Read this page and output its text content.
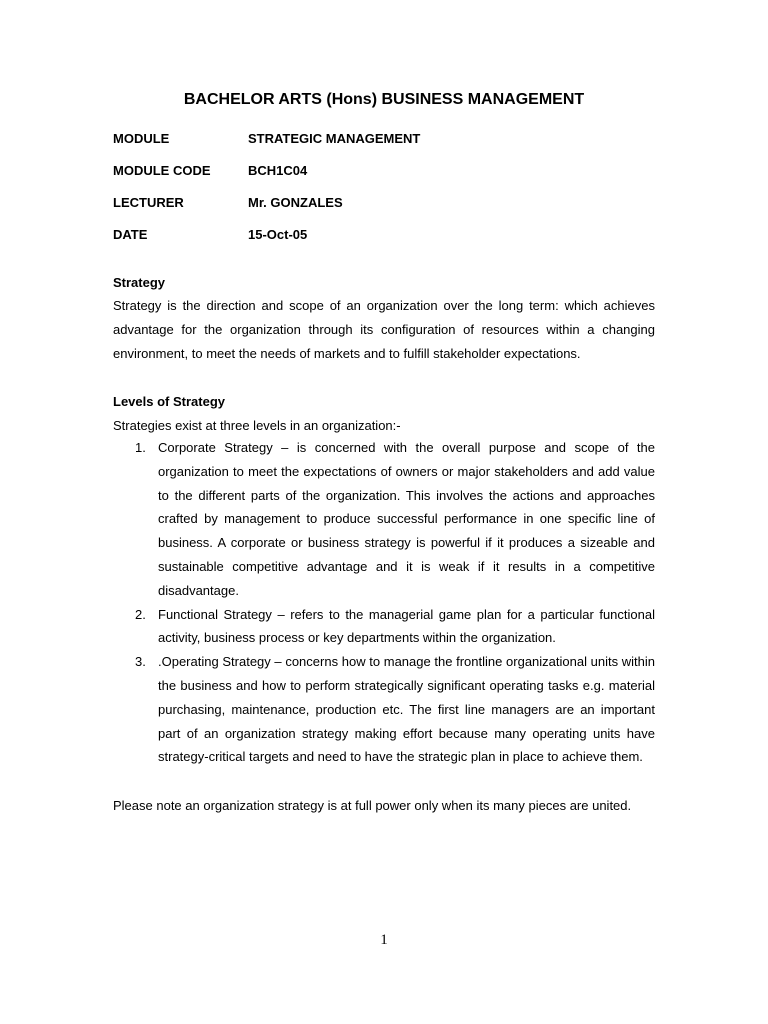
BACHELOR ARTS (Hons) BUSINESS MANAGEMENT
MODULE	STRATEGIC MANAGEMENT
MODULE CODE	BCH1C04
LECTURER	Mr. GONZALES
DATE	15-Oct-05
Strategy
Strategy is the direction and scope of an organization over the long term: which achieves advantage for the organization through its configuration of resources within a changing environment, to meet the needs of markets and to fulfill stakeholder expectations.
Levels of Strategy
Strategies exist at three levels in an organization:-
1. Corporate Strategy – is concerned with the overall purpose and scope of the organization to meet the expectations of owners or major stakeholders and add value to the different parts of the organization. This involves the actions and approaches crafted by management to produce successful performance in one specific line of business. A corporate or business strategy is powerful if it produces a sizeable and sustainable competitive advantage and it is weak if it results in a competitive disadvantage.
2. Functional Strategy – refers to the managerial game plan for a particular functional activity, business process or key departments within the organization.
3. .Operating Strategy – concerns how to manage the frontline organizational units within the business and how to perform strategically significant operating tasks e.g. material purchasing, maintenance, production etc. The first line managers are an important part of an organization strategy making effort because many operating units have strategy-critical targets and need to have the strategic plan in place to achieve them.
Please note an organization strategy is at full power only when its many pieces are united.
1
